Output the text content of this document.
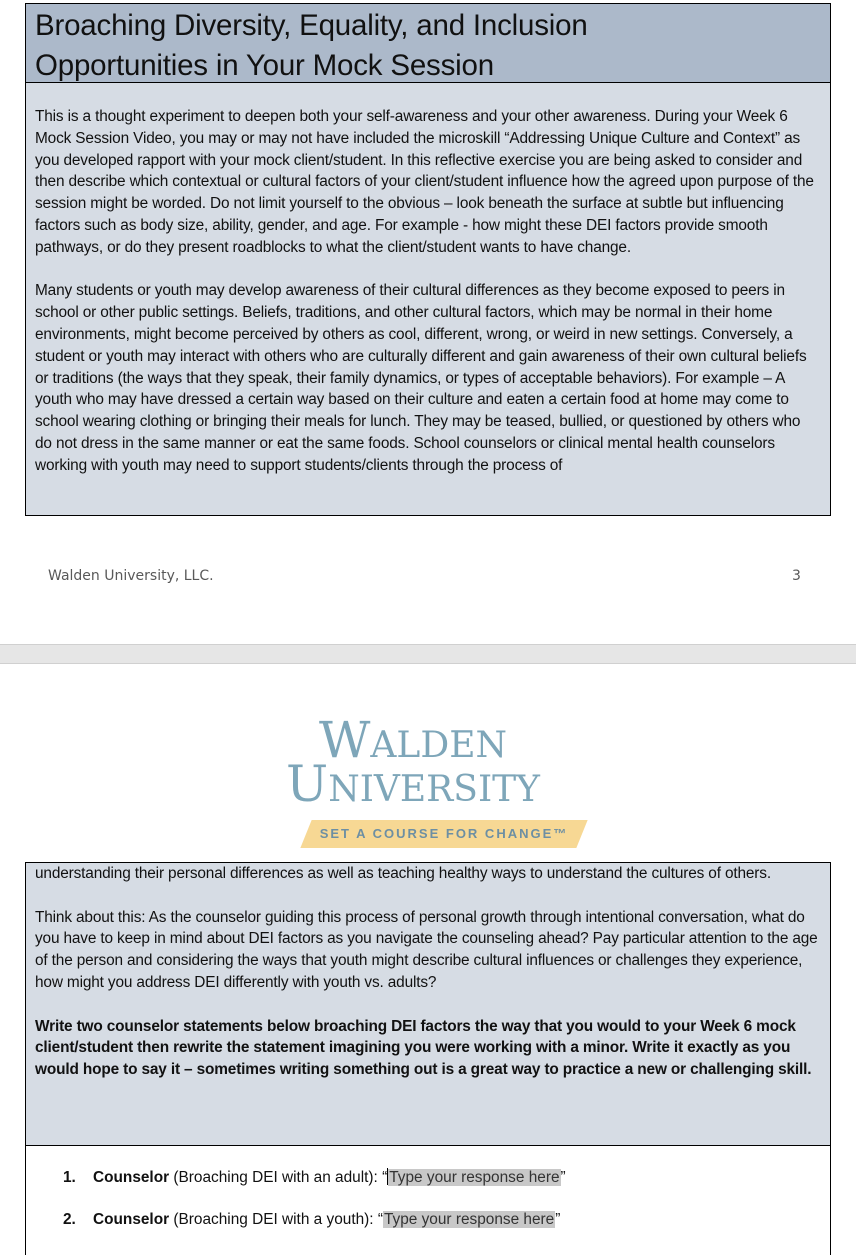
Broaching Diversity, Equality, and Inclusion
Opportunities in Your Mock Session

This is a thought experiment to deepen both your self-awareness and your other awareness. During your Week 6 Mock Session Video, you may or may not have included the microskill “Addressing Unique Culture and Context” as you developed rapport with your mock client/student. In this reflective exercise you are being asked to consider and then describe which contextual or cultural factors of your client/student influence how the agreed upon purpose of the session might be worded. Do not limit yourself to the obvious – look beneath the surface at subtle but influencing factors such as body size, ability, gender, and age. For example - how might these DEI factors provide smooth pathways, or do they present roadblocks to what the client/student wants to have change.

Many students or youth may develop awareness of their cultural differences as they become exposed to peers in school or other public settings. Beliefs, traditions, and other cultural factors, which may be normal in their home environments, might become perceived by others as cool, different, wrong, or weird in new settings. Conversely, a student or youth may interact with others who are culturally different and gain awareness of their own cultural beliefs or traditions (the ways that they speak, their family dynamics, or types of acceptable behaviors). For example – A youth who may have dressed a certain way based on their culture and eaten a certain food at home may come to school wearing clothing or bringing their meals for lunch. They may be teased, bullied, or questioned by others who do not dress in the same manner or eat the same foods. School counselors or clinical mental health counselors working with youth may need to support students/clients through the process of

Walden University, LLC.	3
WALDEN
UNIVERSITY
SET A COURSE FOR CHANGE™

understanding their personal differences as well as teaching healthy ways to understand the cultures of others.

Think about this: As the counselor guiding this process of personal growth through intentional conversation, what do you have to keep in mind about DEI factors as you navigate the counseling ahead? Pay particular attention to the age of the person and considering the ways that youth might describe cultural influences or challenges they experience, how might you address DEI differently with youth vs. adults?

Write two counselor statements below broaching DEI factors the way that you would to your Week 6 mock client/student then rewrite the statement imagining you were working with a minor. Write it exactly as you would hope to say it – sometimes writing something out is a great way to practice a new or challenging skill.

1. Counselor (Broaching DEI with an adult): “ Type your response here”
2. Counselor (Broaching DEI with a youth): “Type your response here”
